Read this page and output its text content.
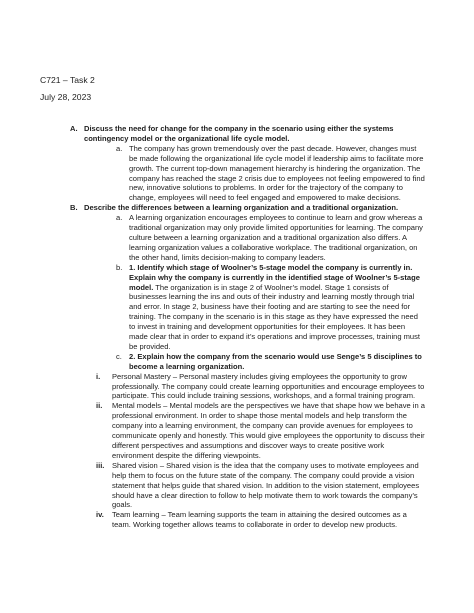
C721 – Task 2
July 28, 2023
A. Discuss the need for change for the company in the scenario using either the systems contingency model or the organizational life cycle model.

a. The company has grown tremendously over the past decade. However, changes must be made following the organizational life cycle model if leadership aims to facilitate more growth. The current top-down management hierarchy is hindering the organization. The company has reached the stage 2 crisis due to employees not feeling empowered to find new, innovative solutions to problems. In order for the trajectory of the company to change, employees will need to feel engaged and empowered to make decisions.

B. Describe the differences between a learning organization and a traditional organization.

a. A learning organization encourages employees to continue to learn and grow whereas a traditional organization may only provide limited opportunities for learning. The company culture between a learning organization and a traditional organization also differs. A learning organization values a collaborative workplace. The traditional organization, on the other hand, limits decision-making to company leaders.

b. 1. Identify which stage of Woolner’s 5-stage model the company is currently in. Explain why the company is currently in the identified stage of Woolner’s 5-stage model. The organization is in stage 2 of Woolner’s model. Stage 1 consists of businesses learning the ins and outs of their industry and learning mostly through trial and error. In stage 2, business have their footing and are starting to see the need for training. The company in the scenario is in this stage as they have expressed the need to invest in training and development opportunities for their employees. It has been made clear that in order to expand it’s operations and improve processes, training must be provided.

c. 2. Explain how the company from the scenario would use Senge’s 5 disciplines to become a learning organization.

i. Personal Mastery – Personal mastery includes giving employees the opportunity to grow professionally. The company could create learning opportunities and encourage employees to participate. This could include training sessions, workshops, and a formal training program.

ii. Mental models – Mental models are the perspectives we have that shape how we behave in a professional environment. In order to shape those mental models and help transform the company into a learning environment, the company can provide avenues for employees to communicate openly and honestly. This would give employees the opportunity to discuss their different perspectives and assumptions and discover ways to create positive work environment despite the differing viewpoints.

iii. Shared vision – Shared vision is the idea that the company uses to motivate employees and help them to focus on the future state of the company. The company could provide a vision statement that helps guide that shared vision. In addition to the vision statement, employees should have a clear direction to follow to help motivate them to work towards the company’s goals.

iv. Team learning – Team learning supports the team in attaining the desired outcomes as a team. Working together allows teams to collaborate in order to develop new products.
